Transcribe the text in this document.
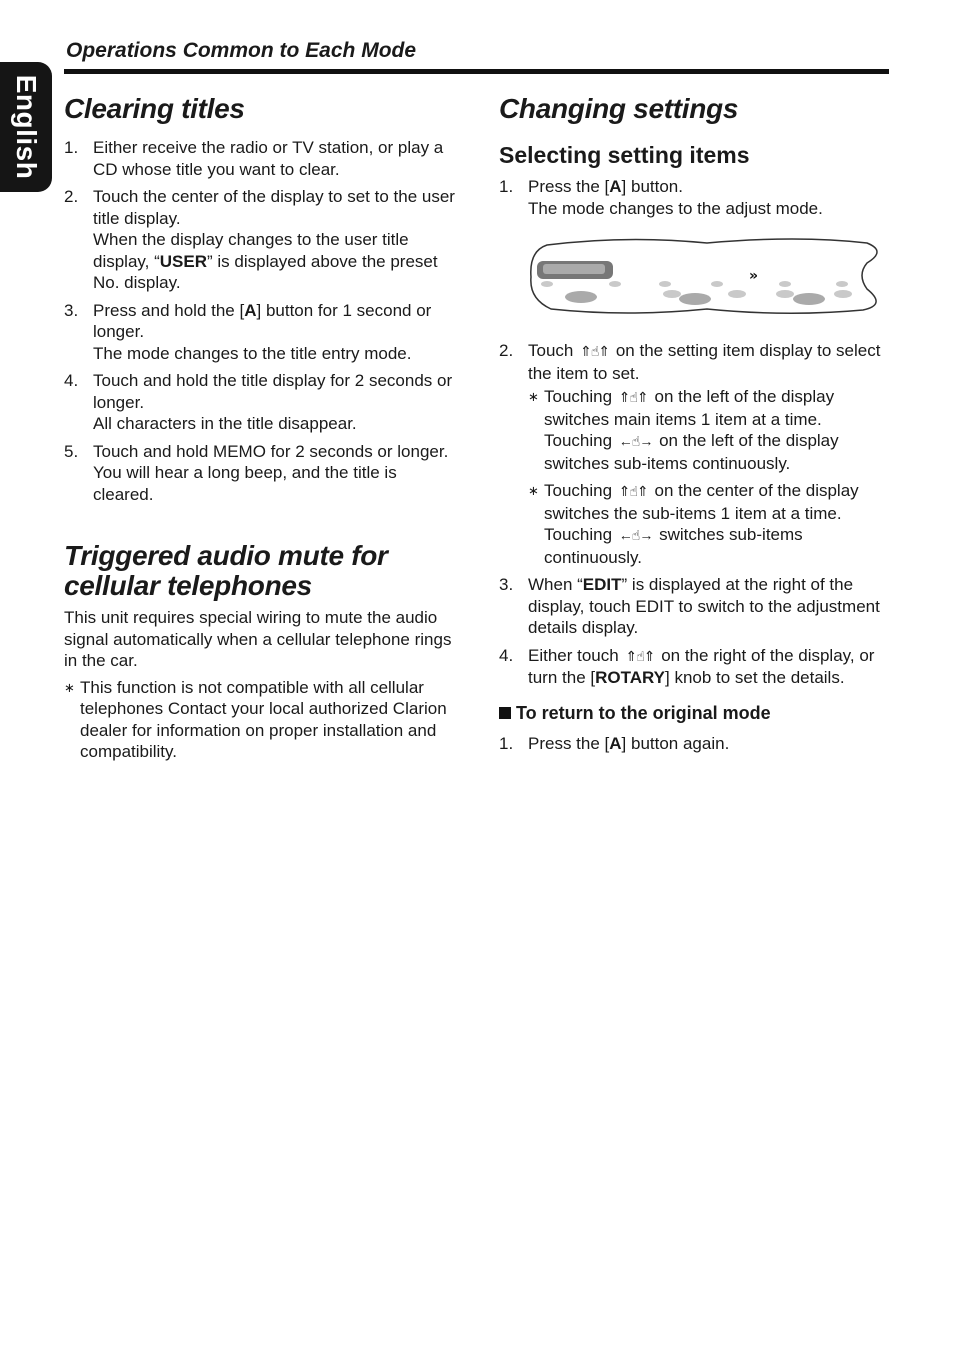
English
Operations Common to Each Mode
Clearing titles
1. Either receive the radio or TV station, or play a CD whose title you want to clear.
2. Touch the center of the display to set to the user title display.
When the display changes to the user title display, “USER” is displayed above the preset No. display.
3. Press and hold the [A] button for 1 second or longer.
The mode changes to the title entry mode.
4. Touch and hold the title display for 2 seconds or longer.
All characters in the title disappear.
5. Touch and hold MEMO for 2 seconds or longer.
You will hear a long beep, and the title is cleared.
Triggered audio mute for
cellular telephones

This unit requires special wiring to mute the audio signal automatically when a cellular telephone rings in the car.

∗ This function is not compatible with all cellular telephones Contact your local authorized Clarion dealer for information on proper installation and compatibility.
Changing settings
Selecting setting items
1. Press the [A] button.
The mode changes to the adjust mode.
»
2. Touch ⇑☝⇑ on the setting item display to select the item to set.
∗ Touching ⇑☝⇑ on the left of the display switches main items 1 item at a time.
Touching ←☝→ on the left of the display switches sub-items continuously.
∗ Touching ⇑☝⇑ on the center of the display switches the sub-items 1 item at a time. Touching ←☝→ switches sub-items continuously.
3. When “EDIT” is displayed at the right of the display, touch EDIT to switch to the adjustment details display.
4. Either touch ⇑☝⇑ on the right of the display, or turn the [ROTARY] knob to set the details.
To return to the original mode
1. Press the [A] button again.
